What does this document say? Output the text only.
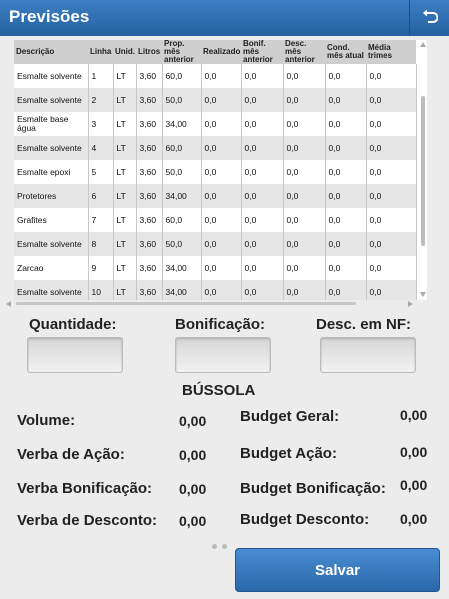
Previsões
Descrição	Linha	Unid.	Litros	Prop. mês anterior	Realizado	Bonif. mês anterior	Desc. mês anterior	Cond. mês atual	Média trimes
Esmalte solvente	1	LT	3,60	60,0	0,0	0,0	0,0	0,0	0,0
Esmalte solvente	2	LT	3,60	50,0	0,0	0,0	0,0	0,0	0,0
Esmalte base água	3	LT	3,60	34,00	0,0	0,0	0,0	0,0	0,0
Esmalte solvente	4	LT	3,60	60,0	0,0	0,0	0,0	0,0	0,0
Esmalte epoxi	5	LT	3,60	50,0	0,0	0,0	0,0	0,0	0,0
Protetores	6	LT	3,60	34,00	0,0	0,0	0,0	0,0	0,0
Grafites	7	LT	3,60	60,0	0,0	0,0	0,0	0,0	0,0
Esmalte solvente	8	LT	3,60	50,0	0,0	0,0	0,0	0,0	0,0
Zarcao	9	LT	3,60	34,00	0,0	0,0	0,0	0,0	0,0
Esmalte solvente	10	LT	3,60	34,00	0,0	0,0	0,0	0,0	0,0
Quantidade:	Bonificação:	Desc. em NF:
BÚSSOLA
Volume:	0,00
Verba de Ação:	0,00
Verba Bonificação: 0,00
Verba de Desconto: 0,00
Budget Geral:	0,00
Budget Ação:	0,00
Budget Bonificação: 0,00
Budget Desconto: 0,00
Salvar
